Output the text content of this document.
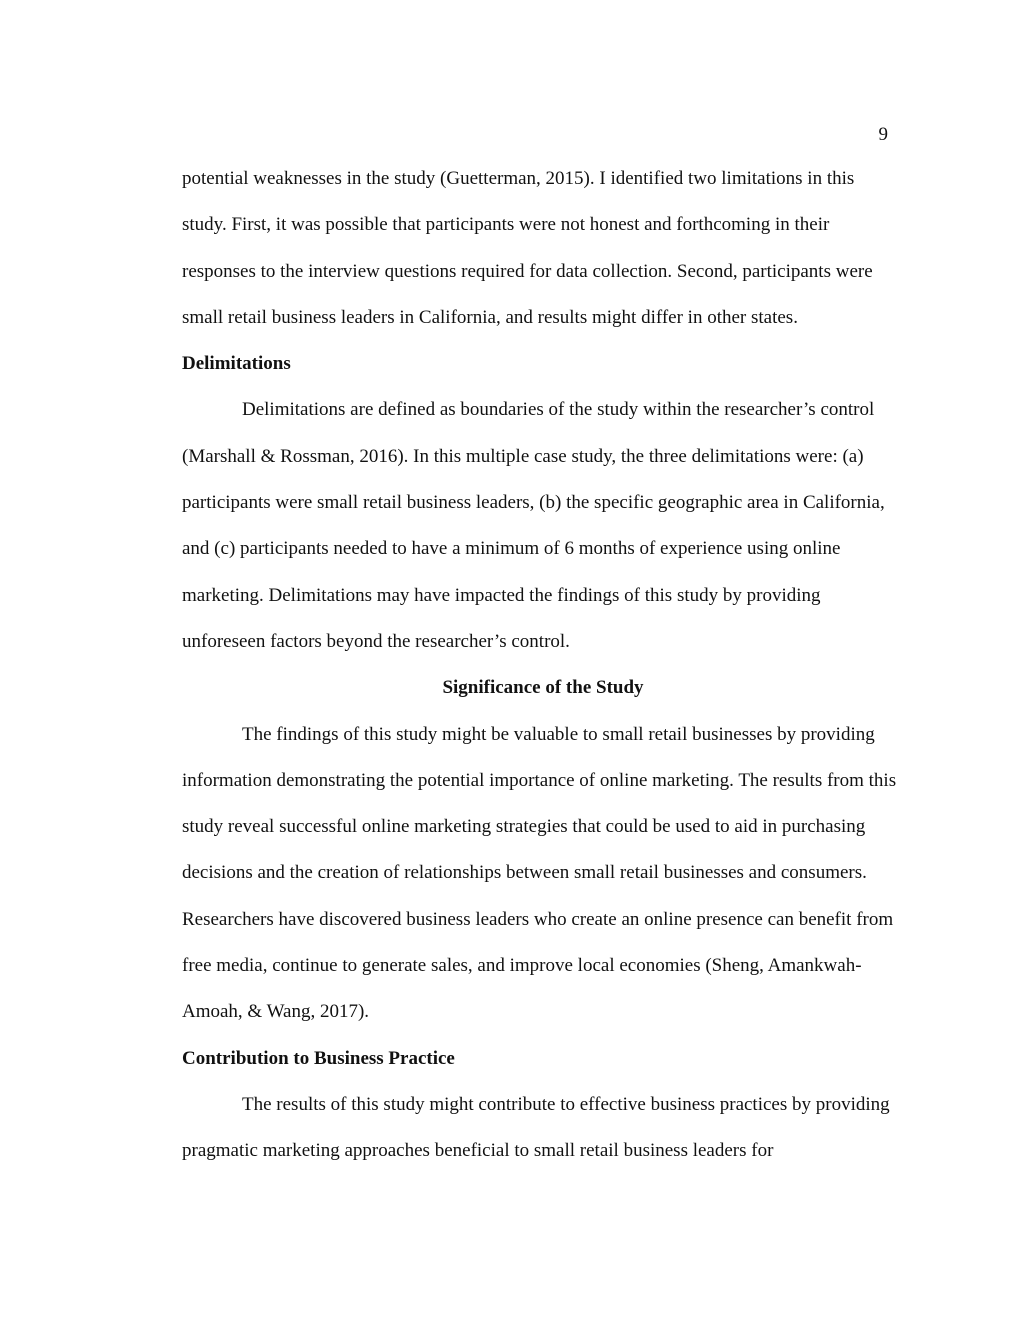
9

potential weaknesses in the study (Guetterman, 2015). I identified two limitations in this study. First, it was possible that participants were not honest and forthcoming in their responses to the interview questions required for data collection. Second, participants were small retail business leaders in California, and results might differ in other states.

Delimitations

Delimitations are defined as boundaries of the study within the researcher’s control (Marshall & Rossman, 2016). In this multiple case study, the three delimitations were: (a) participants were small retail business leaders, (b) the specific geographic area in California, and (c) participants needed to have a minimum of 6 months of experience using online marketing. Delimitations may have impacted the findings of this study by providing unforeseen factors beyond the researcher’s control.

Significance of the Study

The findings of this study might be valuable to small retail businesses by providing information demonstrating the potential importance of online marketing. The results from this study reveal successful online marketing strategies that could be used to aid in purchasing decisions and the creation of relationships between small retail businesses and consumers. Researchers have discovered business leaders who create an online presence can benefit from free media, continue to generate sales, and improve local economies (Sheng, Amankwah-Amoah, & Wang, 2017).

Contribution to Business Practice

The results of this study might contribute to effective business practices by providing pragmatic marketing approaches beneficial to small retail business leaders for
